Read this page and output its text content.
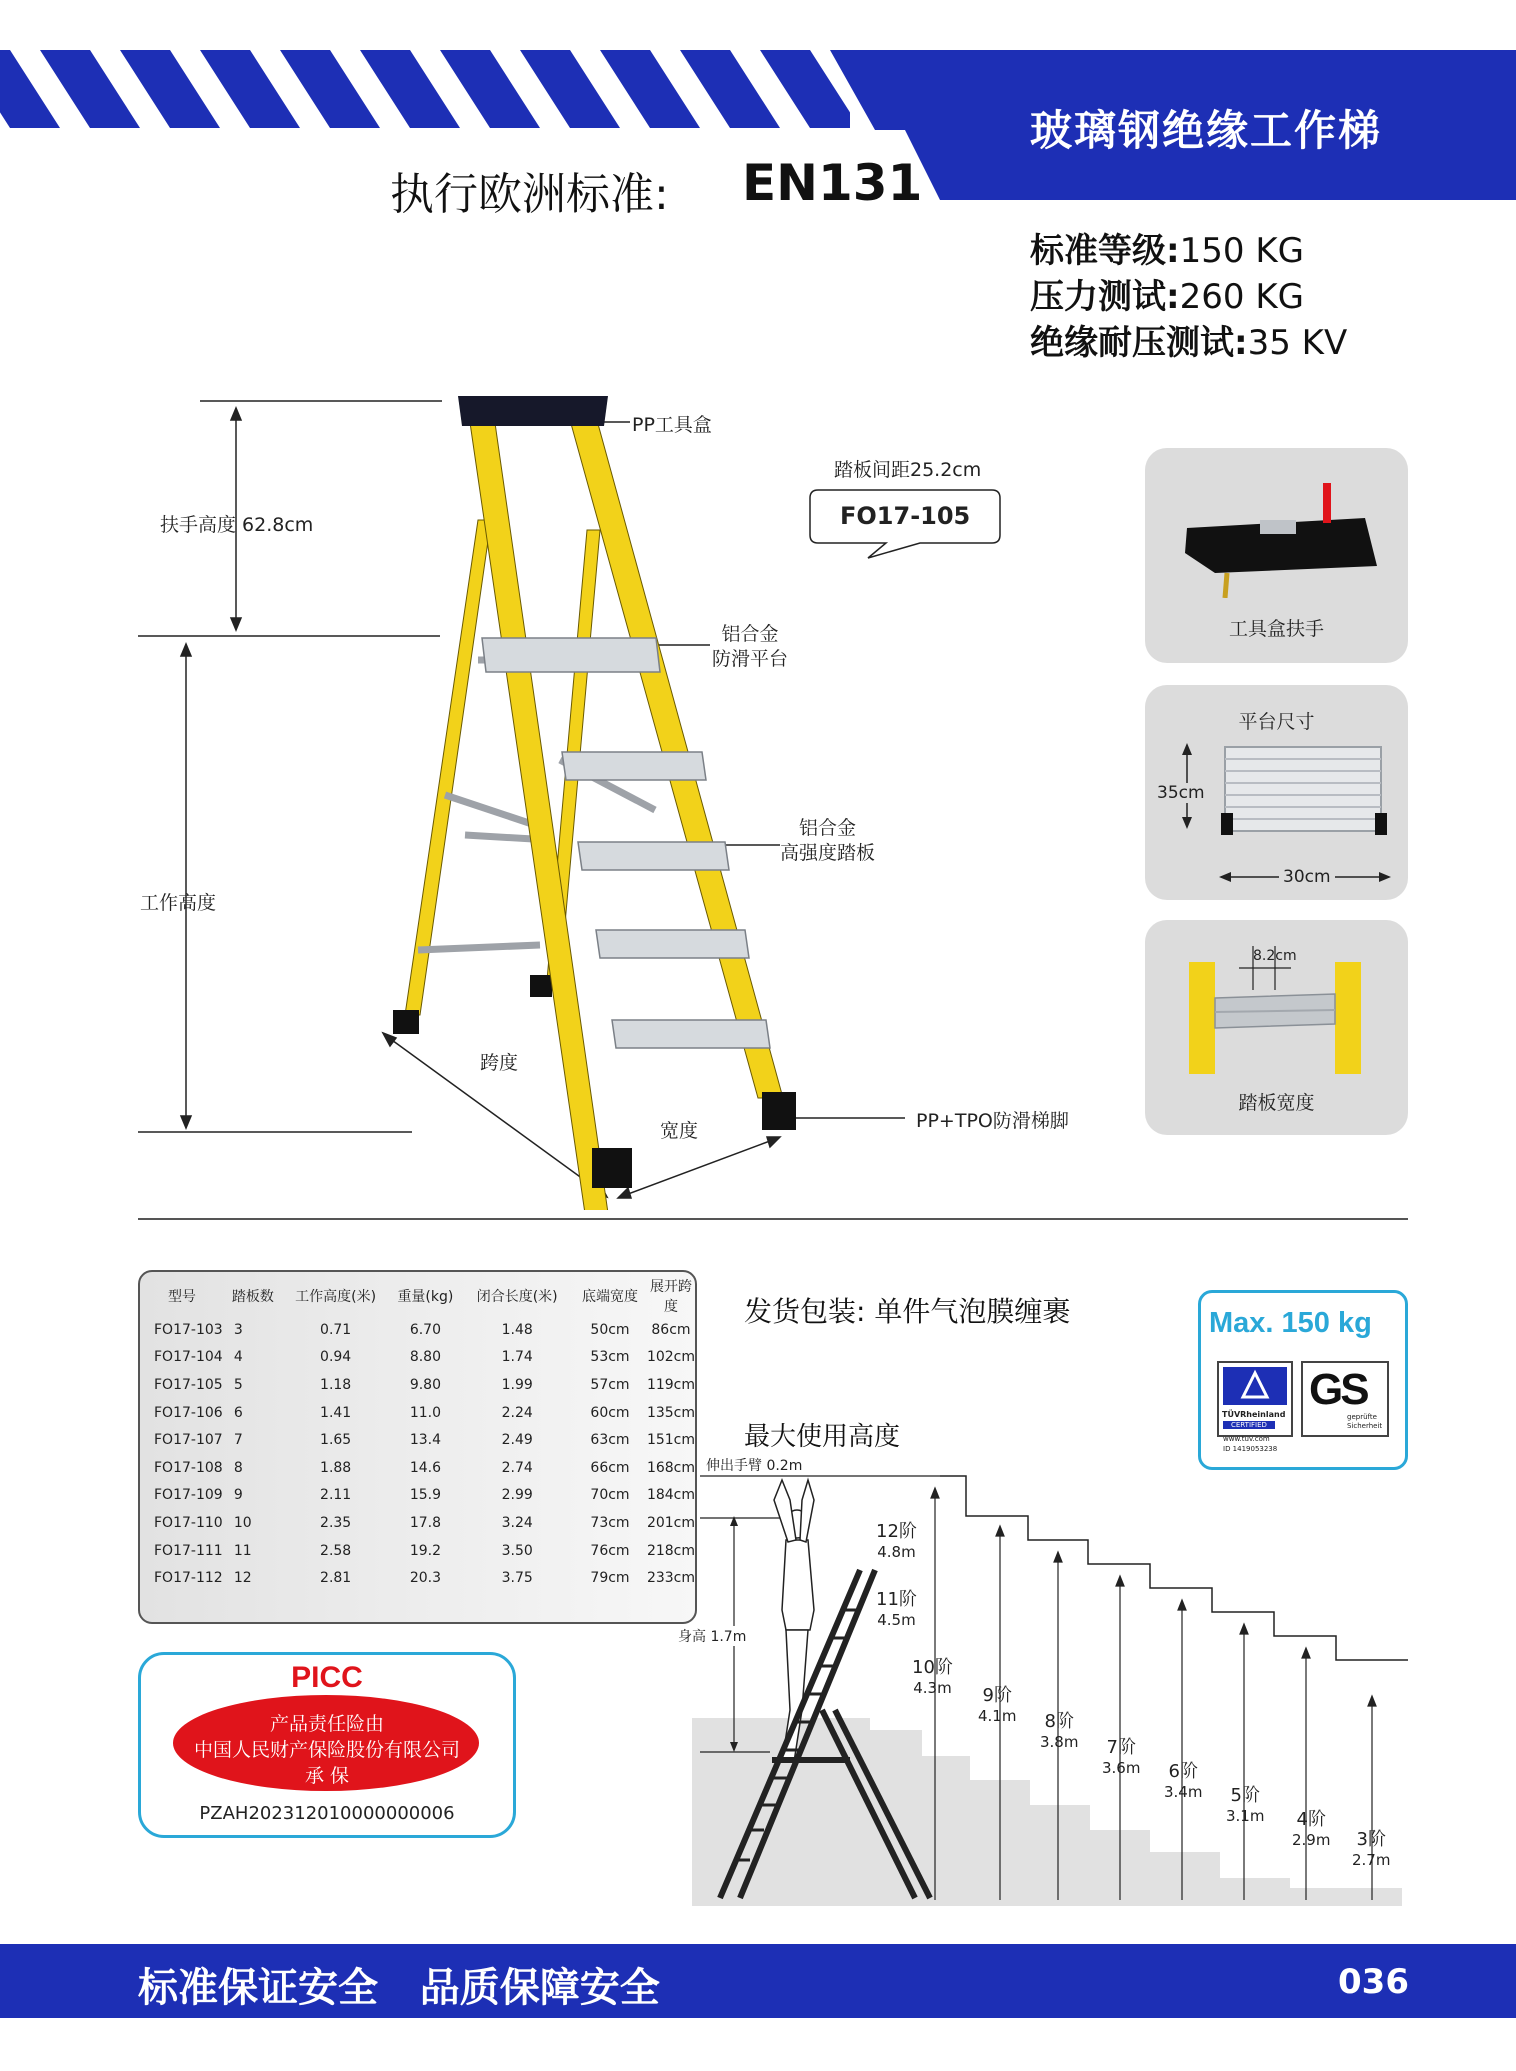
玻璃钢绝缘工作梯
执行欧洲标准: EN131
标准等级:150 KG
压力测试:260 KG
绝缘耐压测试:35 KV
PP工具盒
扶手高度 62.8cm
踏板间距25.2cm
FO17-105
铝合金
防滑平台
铝合金
高强度踏板
工作高度
跨度
宽度	PP+TPO防滑梯脚
工具盒扶手
平台尺寸
35cm
30cm
8.2cm
踏板宽度
型号	踏板数	工作高度(米)	重量(kg)	闭合长度(米)	底端宽度	展开跨度
FO17-103	3	0.71	6.70	1.48	50cm	86cm
FO17-104	4	0.94	8.80	1.74	53cm	102cm
FO17-105	5	1.18	9.80	1.99	57cm	119cm
FO17-106	6	1.41	11.0	2.24	60cm	135cm
FO17-107	7	1.65	13.4	2.49	63cm	151cm
FO17-108	8	1.88	14.6	2.74	66cm	168cm
FO17-109	9	2.11	15.9	2.99	70cm	184cm
FO17-110	10	2.35	17.8	3.24	73cm	201cm
FO17-111	11	2.58	19.2	3.50	76cm	218cm
FO17-112	12	2.81	20.3	3.75	79cm	233cm
发货包装: 单件气泡膜缠裹
最大使用高度
Max. 150 kg
TÜVRheinland
CERTIFIED
www.tuv.com
ID 1419053238
GS
geprüfte
Sicherheit
PICC
产品责任险由
中国人民财产保险股份有限公司
承 保
PZAH202312010000000006
伸出手臂 0.2m
身高 1.7m
12阶
4.8m
11阶
4.5m
10阶
4.3m 9阶
4.1m 8阶
3.8m 7阶
3.6m 6阶
3.4m 5阶
3.1m 4阶
2.9m 3阶
2.7m
标准保证安全   品质保障安全	036
